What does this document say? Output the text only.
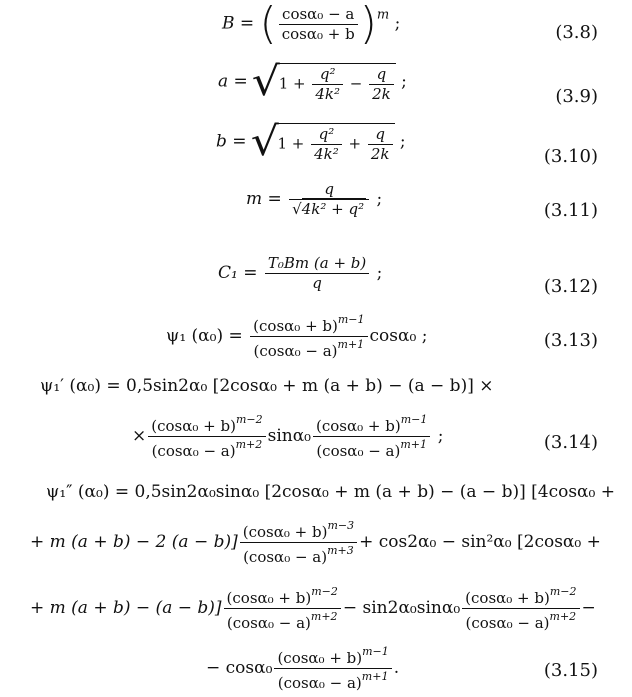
B = ( $\frac{\text{cosα₀ − a}}{\text{cosα₀ + b}} )^m$ ;	(3.8)
$a = √1 + \frac{\text{q²}}{\text{4k²}} - \frac{q}{2k}$ ;
(3.9)
$b = √1 + \frac{\text{q²}}{\text{4k²}} + \frac{q}{2k}$ ;
(3.10)
$m = \frac{q}{\text{√4k² + q²}}$ ;
(3.11)
$C_1 = \frac{\text{T₀Bm (a + b)}}{q}$ ;
(3.12)
ψ₁ $(\alpha_0) = \frac{(\cos\alpha_0 + b)^{m-1}}{(\cos\alpha_0 - a)^{m+1}} \cos\alpha_0$ ;	(3.13)
ψ₁′ (α₀) = 0,5sin2α₀ [2cosα₀ + m (a + b) − (a − b)] ×
× $\frac{(\cos\alpha_0 + b)^{m-2}}{(\cos\alpha_0 - a)^{m+2}} \sin\alpha_0 \frac{(\cos\alpha_0 + b)^{m-1}}{(\cos\alpha_0 - a)^{m+1}}$ ;	(3.14)
ψ₁″ (α₀) = 0,5sin2α₀sinα₀ [2cosα₀ + m (a + b) − (a − b)] [4cosα₀ +
+ m (a + b) − 2 $(a - b)] \frac{(\cos\alpha_0 + b)^{m-3}}{(\cos\alpha_0 - a)^{m+3}} + \cos 2\alpha_0 - \sin^2\alpha_0$ [2cosα₀ +
+ m $(a + b) - (a - b)] \frac{(\cos\alpha_0 + b)^{m-2}}{(\cos\alpha_0 - a)^{m+2}} - \sin 2\alpha_0\sin\alpha_0 \frac{(\cos\alpha_0 + b)^{m-2}}{(\cos\alpha_0 - a)^{m+2}}$ −
− $\cos\alpha_0 \frac{(\cos\alpha_0 + b)^{m-1}}{(\cos\alpha_0 - a)^{m+1}}$ .	(3.15)
